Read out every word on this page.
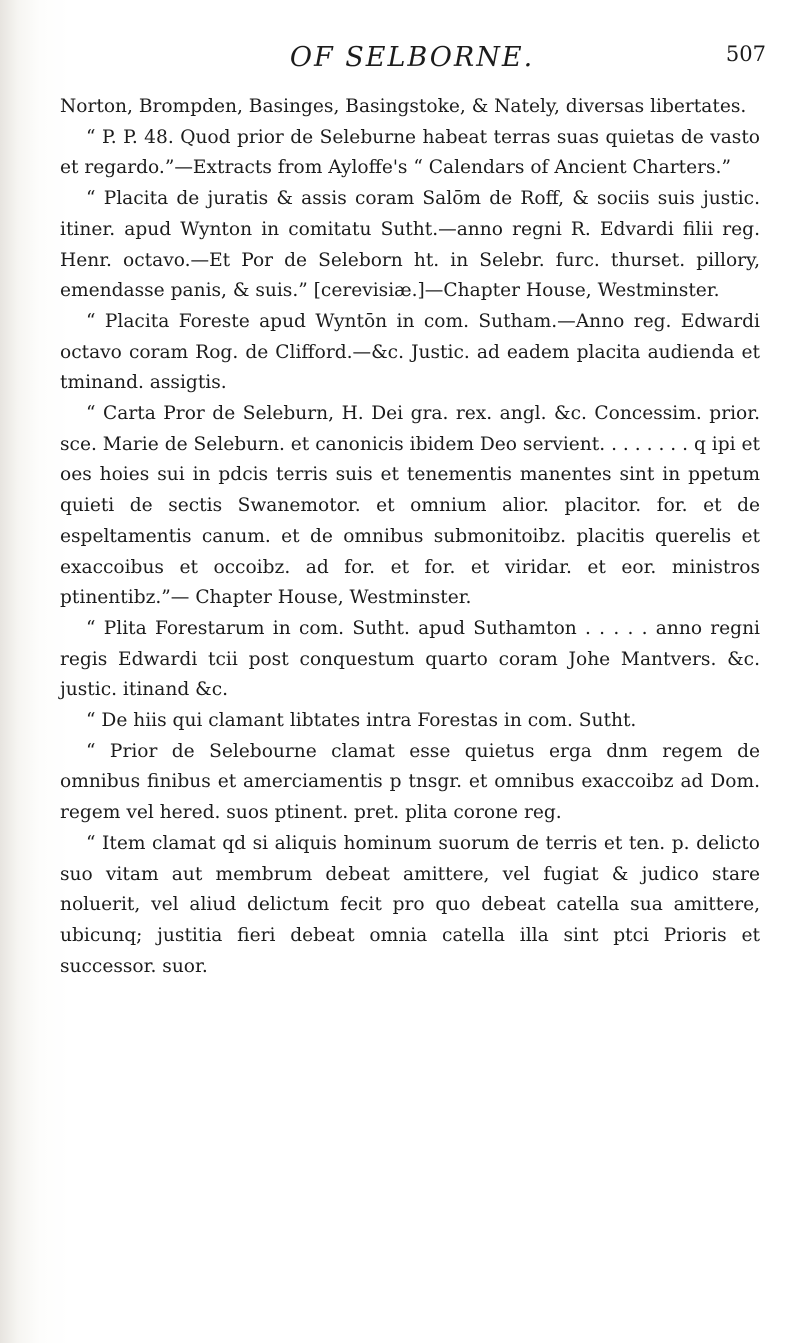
OF SELBORNE.	507

Norton, Brompden, Basinges, Basingstoke, & Nately, diversas libertates.

“ P. P. 48. Quod prior de Seleburne habeat terras suas quietas de vasto et regardo.”—Extracts from Ayloffe's “ Calendars of Ancient Charters.”

“ Placita de juratis & assis coram Salōm de Roff, & sociis suis justic. itiner. apud Wynton in comitatu Sutht.—anno regni R. Edvardi filii reg. Henr. octavo.—Et Por de Seleborn ht. in Selebr. furc. thurset. pillory, emendasse panis, & suis.” [cerevisiæ.]—Chapter House, Westminster.

“ Placita Foreste apud Wyntōn in com. Sutham.—Anno reg. Edwardi octavo coram Rog. de Clifford.—&c. Justic. ad eadem placita audienda et tminand. assigtis.

“ Carta Pror de Seleburn, H. Dei gra. rex. angl. &c. Concessim. prior. sce. Marie de Seleburn. et canonicis ibidem Deo servient. . . . . . . . q ipi et oes hoies sui in pdcis terris suis et tenementis manentes sint in ppetum quieti de sectis Swanemotor. et omnium alior. placitor. for. et de espeltamentis canum. et de omnibus submonitoibz. placitis querelis et exaccoibus et occoibz. ad for. et for. et viridar. et eor. ministros ptinentibz.”— Chapter House, Westminster.

“ Plita Forestarum in com. Sutht. apud Suthamton . . . . . anno regni regis Edwardi tcii post conquestum quarto coram Johe Mantvers. &c. justic. itinand &c.

“ De hiis qui clamant libtates intra Forestas in com. Sutht.

“ Prior de Selebourne clamat esse quietus erga dnm regem de omnibus finibus et amerciamentis p tnsgr. et omnibus exaccoibz ad Dom. regem vel hered. suos ptinent. pret. plita corone reg.

“ Item clamat qd si aliquis hominum suorum de terris et ten. p. delicto suo vitam aut membrum debeat amittere, vel fugiat & judico stare noluerit, vel aliud delictum fecit pro quo debeat catella sua amittere, ubicunq; justitia fieri debeat omnia catella illa sint ptci Prioris et successor. suor.
